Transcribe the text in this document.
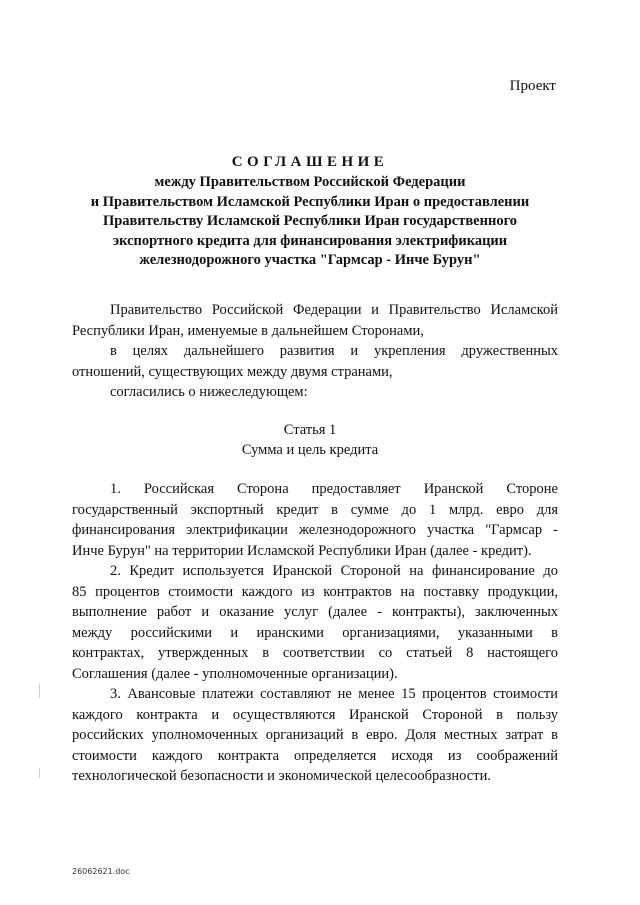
Проект
СОГЛАШЕНИЕ
между Правительством Российской Федерации
и Правительством Исламской Республики Иран о предоставлении
Правительству Исламской Республики Иран государственного
экспортного кредита для финансирования электрификации
железнодорожного участка "Гармсар - Инче Бурун"
Правительство Российской Федерации и Правительство Исламской
Республики Иран, именуемые в дальнейшем Сторонами,
в целях дальнейшего развития и укрепления дружественных
отношений, существующих между двумя странами,
согласились о нижеследующем:
Статья 1
Сумма и цель кредита
1. Российская Сторона предоставляет Иранской Стороне
государственный экспортный кредит в сумме до 1 млрд. евро для
финансирования электрификации железнодорожного участка "Гармсар -
Инче Бурун" на территории Исламской Республики Иран (далее - кредит).
2. Кредит используется Иранской Стороной на финансирование до
85 процентов стоимости каждого из контрактов на поставку продукции,
выполнение работ и оказание услуг (далее - контракты), заключенных
между российскими и иранскими организациями, указанными в
контрактах, утвержденных в соответствии со статьей 8 настоящего
Соглашения (далее - уполномоченные организации).
3. Авансовые платежи составляют не менее 15 процентов стоимости
каждого контракта и осуществляются Иранской Стороной в пользу
российских уполномоченных организаций в евро. Доля местных затрат в
стоимости каждого контракта определяется исходя из соображений
технологической безопасности и экономической целесообразности.
26062621.doc
